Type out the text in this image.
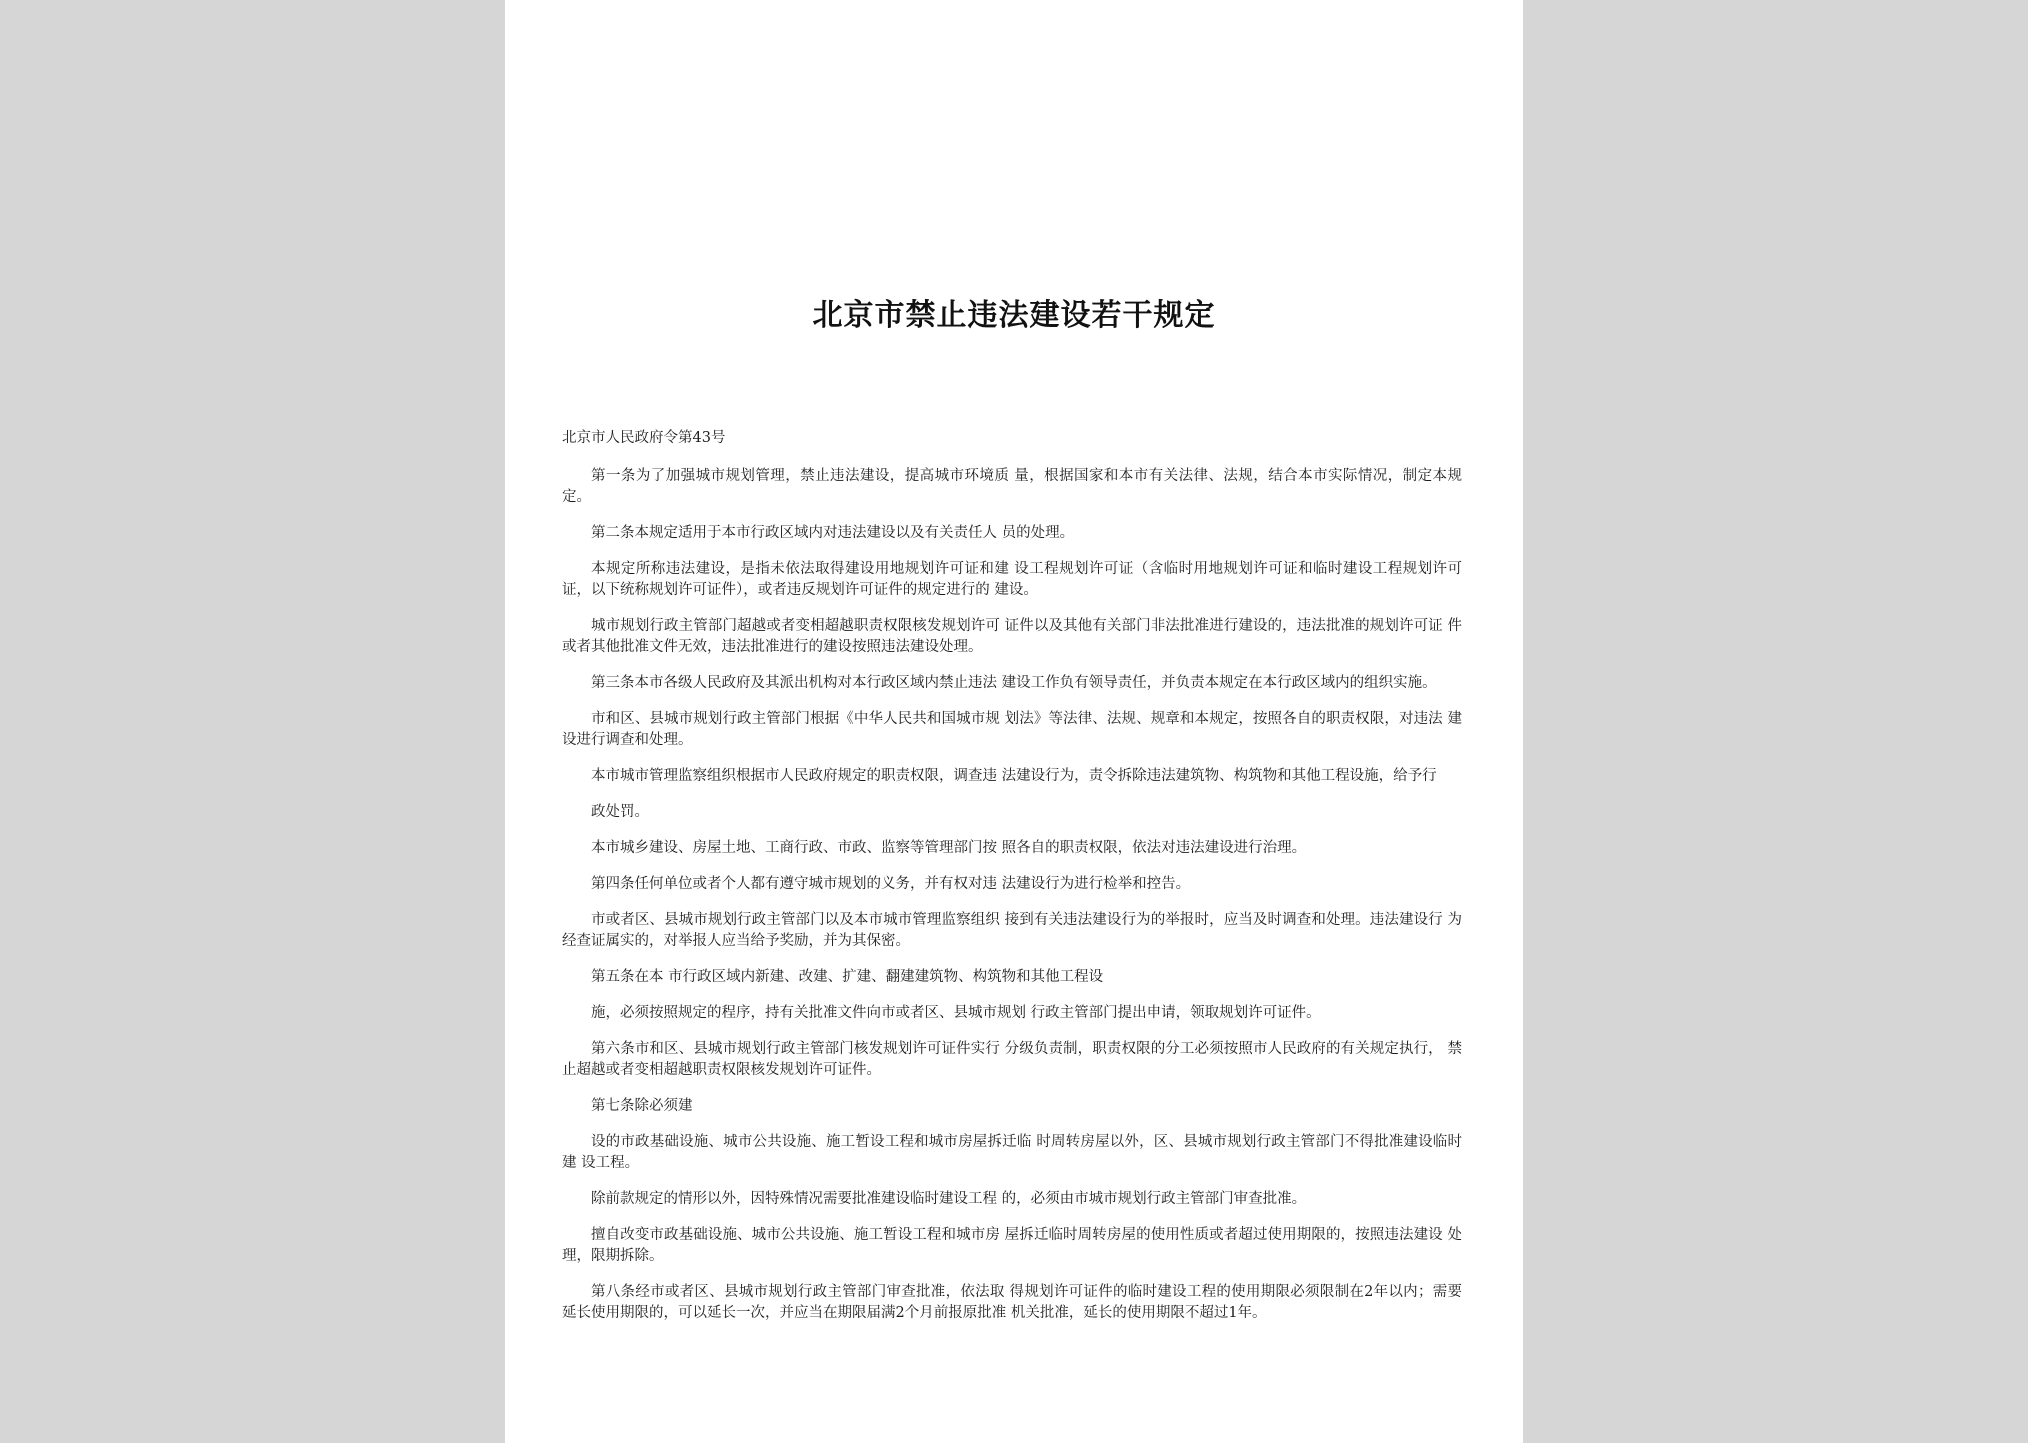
北京市禁止违法建设若干规定

北京市人民政府令第43号

第一条为了加强城市规划管理，禁止违法建设，提高城市环境质 量，根据国家和本市有关法律、法规，结合本市实际情况，制定本规 定。

第二条本规定适用于本市行政区域内对违法建设以及有关责任人 员的处理。

本规定所称违法建设，是指未依法取得建设用地规划许可证和建 设工程规划许可证（含临时用地规划许可证和临时建设工程规划许可 证，以下统称规划许可证件），或者违反规划许可证件的规定进行的 建设。

城市规划行政主管部门超越或者变相超越职责权限核发规划许可 证件以及其他有关部门非法批准进行建设的，违法批准的规划许可证 件或者其他批准文件无效，违法批准进行的建设按照违法建设处理。

第三条本市各级人民政府及其派出机构对本行政区域内禁止违法 建设工作负有领导责任，并负责本规定在本行政区域内的组织实施。

市和区、县城市规划行政主管部门根据《中华人民共和国城市规 划法》等法律、法规、规章和本规定，按照各自的职责权限，对违法 建设进行调查和处理。

本市城市管理监察组织根据市人民政府规定的职责权限，调查违 法建设行为，责令拆除违法建筑物、构筑物和其他工程设施，给予行

政处罚。

本市城乡建设、房屋土地、工商行政、市政、监察等管理部门按 照各自的职责权限，依法对违法建设进行治理。

第四条任何单位或者个人都有遵守城市规划的义务，并有权对违 法建设行为进行检举和控告。

市或者区、县城市规划行政主管部门以及本市城市管理监察组织 接到有关违法建设行为的举报时，应当及时调查和处理。违法建设行 为经查证属实的，对举报人应当给予奖励，并为其保密。

第五条在本 市行政区域内新建、改建、扩建、翻建建筑物、构筑物和其他工程设

施，必须按照规定的程序，持有关批准文件向市或者区、县城市规划 行政主管部门提出申请，领取规划许可证件。

第六条市和区、县城市规划行政主管部门核发规划许可证件实行 分级负责制，职责权限的分工必须按照市人民政府的有关规定执行， 禁止超越或者变相超越职责权限核发规划许可证件。

第七条除必须建

设的市政基础设施、城市公共设施、施工暂设工程和城市房屋拆迁临 时周转房屋以外，区、县城市规划行政主管部门不得批准建设临时建 设工程。

除前款规定的情形以外，因特殊情况需要批准建设临时建设工程 的，必须由市城市规划行政主管部门审查批准。

擅自改变市政基础设施、城市公共设施、施工暂设工程和城市房 屋拆迁临时周转房屋的使用性质或者超过使用期限的，按照违法建设 处理，限期拆除。

第八条经市或者区、县城市规划行政主管部门审查批准，依法取 得规划许可证件的临时建设工程的使用期限必须限制在2年以内；需要 延长使用期限的，可以延长一次，并应当在期限届满2个月前报原批准 机关批准，延长的使用期限不超过1年。
